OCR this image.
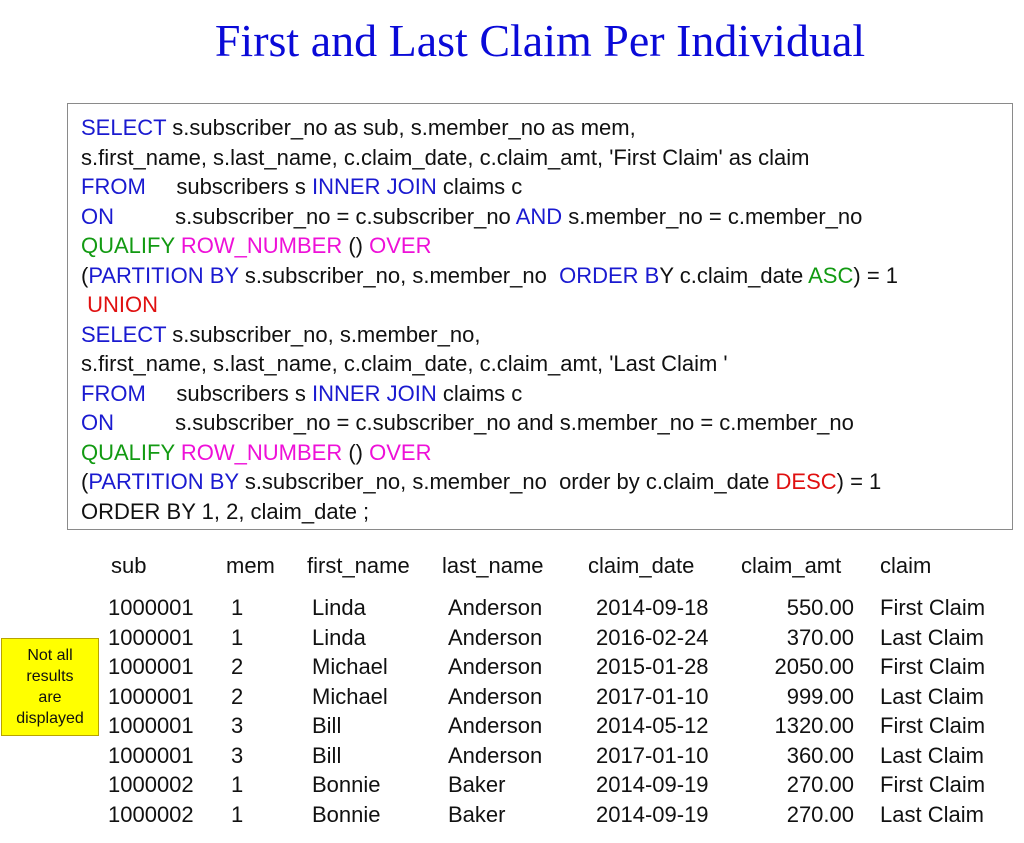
First and Last Claim Per Individual
SELECT s.subscriber_no as sub, s.member_no as mem,
s.first_name, s.last_name, c.claim_date, c.claim_amt, 'First Claim' as claim
FROM     subscribers s INNER JOIN claims c
ON          s.subscriber_no = c.subscriber_no AND s.member_no = c.member_no
QUALIFY ROW_NUMBER () OVER
(PARTITION BY s.subscriber_no, s.member_no  ORDER BY c.claim_date ASC) = 1
UNION
SELECT s.subscriber_no, s.member_no,
s.first_name, s.last_name, c.claim_date, c.claim_amt, 'Last Claim '
FROM     subscribers s INNER JOIN claims c
ON          s.subscriber_no = c.subscriber_no and s.member_no = c.member_no
QUALIFY ROW_NUMBER () OVER
(PARTITION BY s.subscriber_no, s.member_no  order by c.claim_date DESC) = 1
ORDER BY 1, 2, claim_date ;
sub	mem first_name last_name claim_date claim_amt claim
1000001 1	Linda	Anderson 2014-09-18	550.00 First Claim
1000001 1	Linda	Anderson 2016-02-24	370.00 Last Claim
1000001 2	Michael	Anderson 2015-01-28	2050.00 First Claim
1000001 2	Michael	Anderson 2017-01-10	999.00 Last Claim
1000001 3	Bill	Anderson 2014-05-12	1320.00 First Claim
1000001 3	Bill	Anderson 2017-01-10	360.00 Last Claim
1000002 1	Bonnie	Baker	2014-09-19	270.00 First Claim
1000002 1	Bonnie	Baker	2014-09-19	270.00 Last Claim
Not all
results
are
displayed
